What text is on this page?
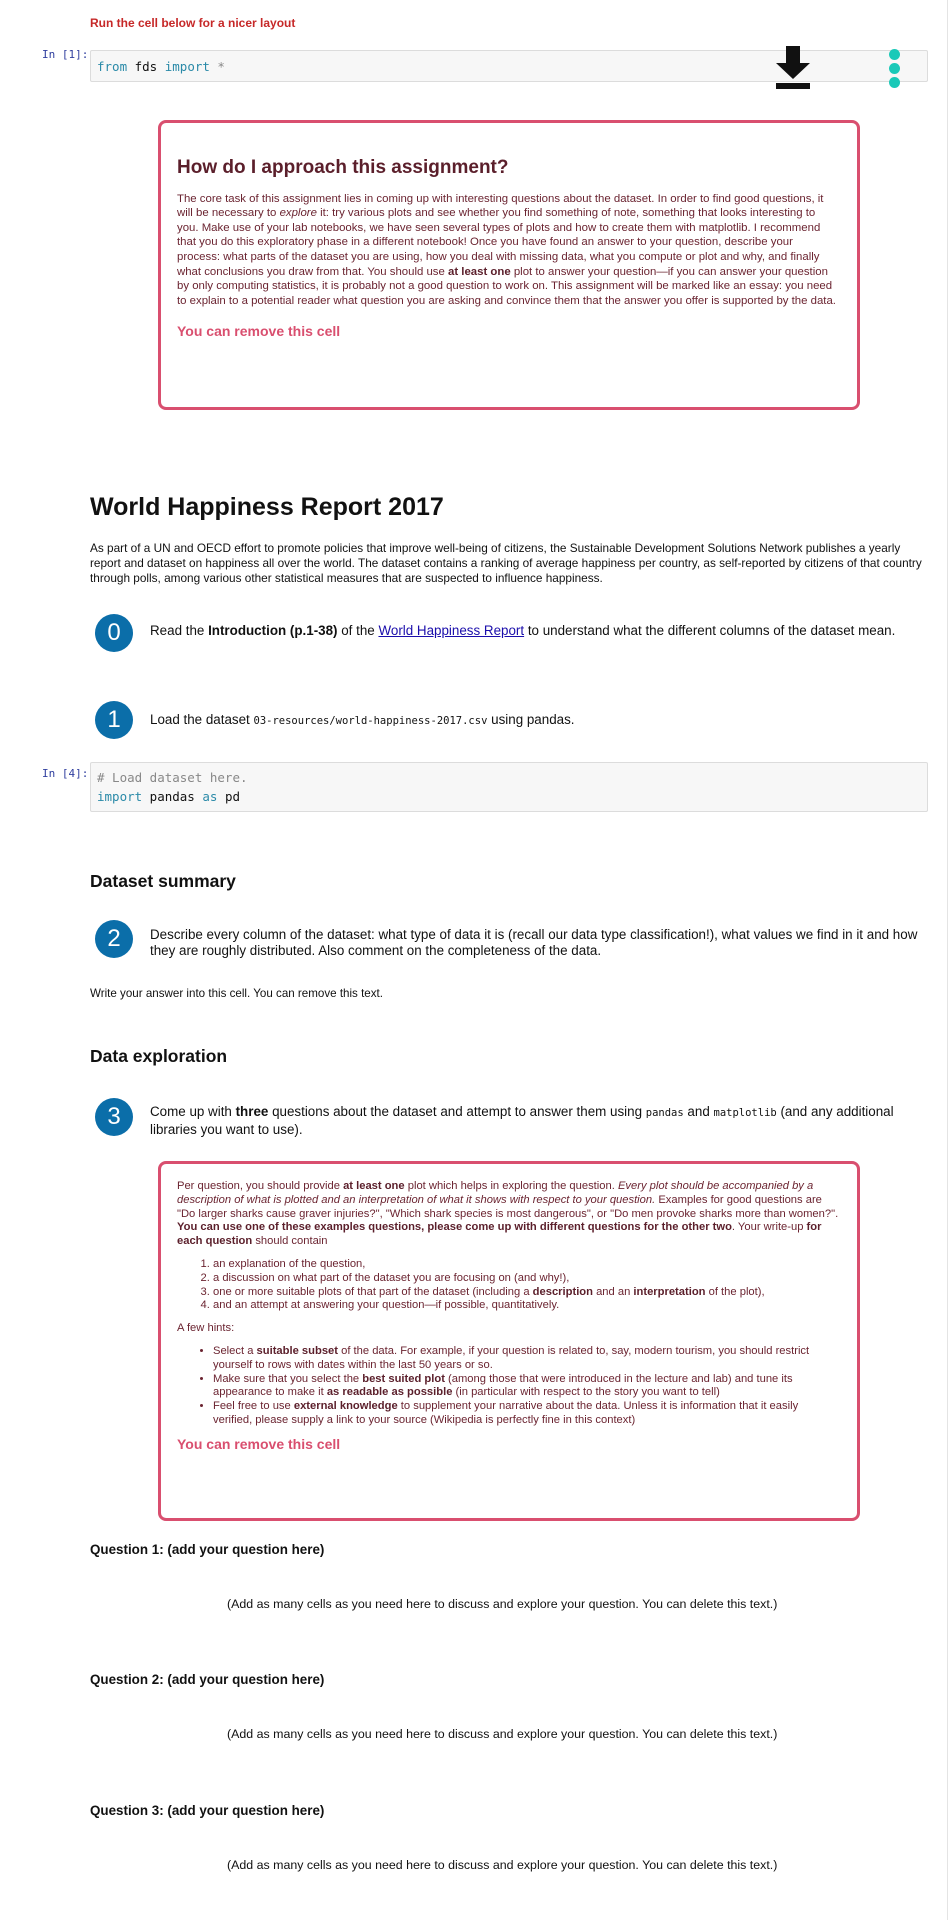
Run the cell below for a nicer layout
In [1]:
from fds import *
How do I approach this assignment?

The core task of this assignment lies in coming up with interesting questions about the dataset. In order to find good questions, it will be necessary to explore it: try various plots and see whether you find something of note, something that looks interesting to you. Make use of your lab notebooks, we have seen several types of plots and how to create them with matplotlib. I recommend that you do this exploratory phase in a different notebook! Once you have found an answer to your question, describe your process: what parts of the dataset you are using, how you deal with missing data, what you compute or plot and why, and finally what conclusions you draw from that. You should use at least one plot to answer your question—if you can answer your question by only computing statistics, it is probably not a good question to work on. This assignment will be marked like an essay: you need to explain to a potential reader what question you are asking and convince them that the answer you offer is supported by the data.

You can remove this cell

World Happiness Report 2017
As part of a UN and OECD effort to promote policies that improve well-being of citizens, the Sustainable Development Solutions Network publishes a yearly report and dataset on happiness all over the world. The dataset contains a ranking of average happiness per country, as self-reported by citizens of that country through polls, among various other statistical measures that are suspected to influence happiness.
0	Read the Introduction (p.1-38) of the World Happiness Report to understand what the different columns of the dataset mean.
1	Load the dataset 03-resources/world-happiness-2017.csv using pandas.
In [4]: # Load dataset here.
import pandas as pd
Dataset summary
2	Describe every column of the dataset: what type of data it is (recall our data type classification!), what values we find in it and how they are roughly distributed. Also comment on the completeness of the data.
Write your answer into this cell. You can remove this text.
Data exploration
3	Come up with three questions about the dataset and attempt to answer them using pandas and matplotlib (and any additional libraries you want to use).

Per question, you should provide at least one plot which helps in exploring the question. Every plot should be accompanied by a description of what is plotted and an interpretation of what it shows with respect to your question. Examples for good questions are "Do larger sharks cause graver injuries?", "Which shark species is most dangerous", or "Do men provoke sharks more than women?". You can use one of these examples questions, please come up with different questions for the other two. Your write-up for each question should contain

1. an explanation of the question,
2. a discussion on what part of the dataset you are focusing on (and why!),
3. one or more suitable plots of that part of the dataset (including a description and an interpretation of the plot),
4. and an attempt at answering your question—if possible, quantitatively.

A few hints:

• Select a suitable subset of the data. For example, if your question is related to, say, modern tourism, you should restrict yourself to rows with dates within the last 50 years or so.
• Make sure that you select the best suited plot (among those that were introduced in the lecture and lab) and tune its appearance to make it as readable as possible (in particular with respect to the story you want to tell)
• Feel free to use external knowledge to supplement your narrative about the data. Unless it is information that it easily verified, please supply a link to your source (Wikipedia is perfectly fine in this context)

You can remove this cell

Question 1: (add your question here)
(Add as many cells as you need here to discuss and explore your question. You can delete this text.)
Question 2: (add your question here)
(Add as many cells as you need here to discuss and explore your question. You can delete this text.)
Question 3: (add your question here)
(Add as many cells as you need here to discuss and explore your question. You can delete this text.)
